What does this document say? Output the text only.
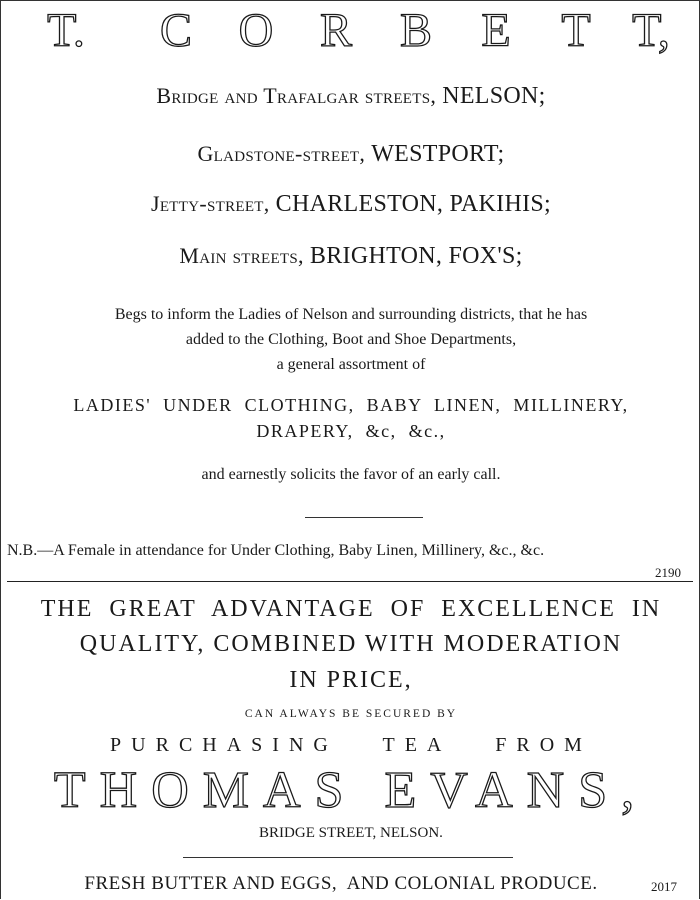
T.	C O R B	E	T T,
Bridge and Trafalgar streets, NELSON;
Gladstone-street, WESTPORT;
Jetty-street, CHARLESTON, PAKIHIS;
Main streets, BRIGHTON, FOX'S;
Begs to inform the Ladies of Nelson and surrounding districts, that he has
added to the Clothing, Boot and Shoe Departments,
a general assortment of
LADIES'  UNDER  CLOTHING,  BABY  LINEN,  MILLINERY,
DRAPERY,  &c,  &c.,
and earnestly solicits the favor of an early call.
N.B.—A Female in attendance for Under Clothing, Baby Linen, Millinery, &c., &c.
2190
THE  GREAT  ADVANTAGE  OF  EXCELLENCE  IN
QUALITY, COMBINED WITH MODERATION
IN PRICE,
CAN ALWAYS BE SECURED BY
PURCHASING   TEA   FROM
THOMAS EVANS,
BRIDGE STREET, NELSON.
FRESH BUTTER AND EGGS,  AND COLONIAL PRODUCE.	2017
